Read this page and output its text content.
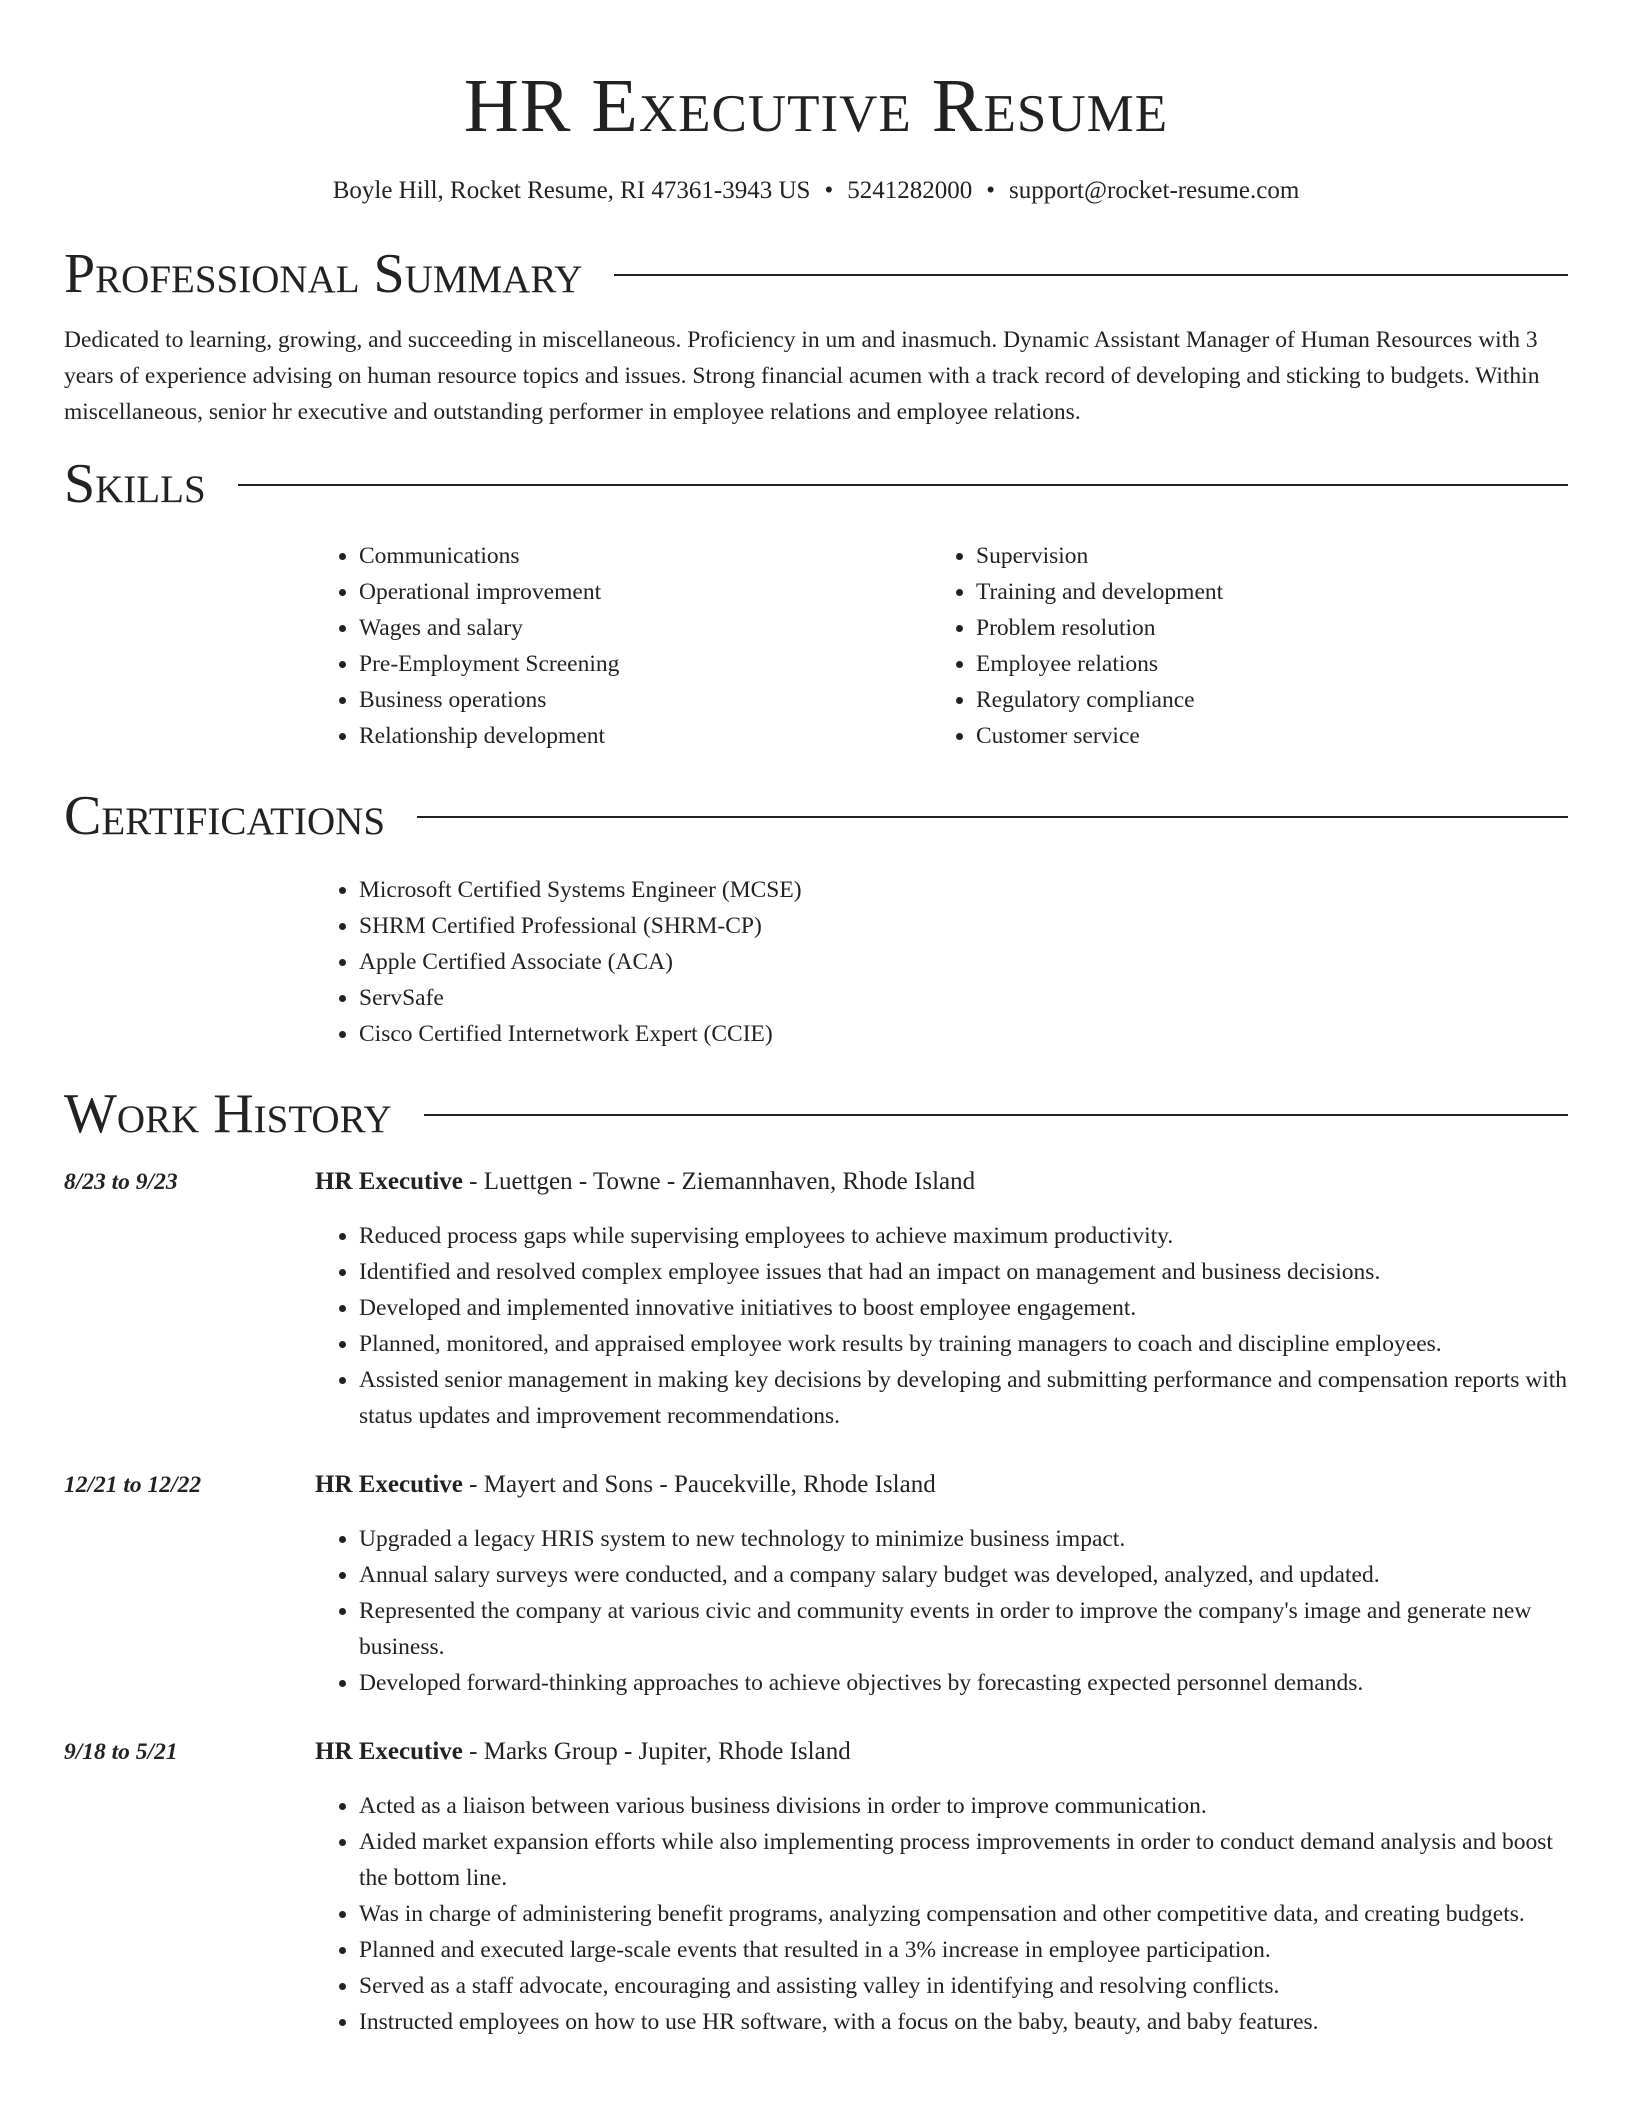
HR Executive Resume
Boyle Hill, Rocket Resume, RI 47361-3943 US • 5241282000 • support@rocket-resume.com
Professional Summary
Dedicated to learning, growing, and succeeding in miscellaneous. Proficiency in um and inasmuch. Dynamic Assistant Manager of Human Resources with 3 years of experience advising on human resource topics and issues. Strong financial acumen with a track record of developing and sticking to budgets. Within miscellaneous, senior hr executive and outstanding performer in employee relations and employee relations.
Skills
• Communications
• Operational improvement
• Wages and salary
• Pre-Employment Screening
• Business operations
• Relationship development
• Supervision
• Training and development
• Problem resolution
• Employee relations
• Regulatory compliance
• Customer service
Certifications
• Microsoft Certified Systems Engineer (MCSE)
• SHRM Certified Professional (SHRM-CP)
• Apple Certified Associate (ACA)
• ServSafe
• Cisco Certified Internetwork Expert (CCIE)
Work History
8/23 to 9/23	HR Executive - Luettgen - Towne - Ziemannhaven, Rhode Island
• Reduced process gaps while supervising employees to achieve maximum productivity.
• Identified and resolved complex employee issues that had an impact on management and business decisions.
• Developed and implemented innovative initiatives to boost employee engagement.
• Planned, monitored, and appraised employee work results by training managers to coach and discipline employees.
• Assisted senior management in making key decisions by developing and submitting performance and compensation reports with status updates and improvement recommendations.
12/21 to 12/22	HR Executive - Mayert and Sons - Paucekville, Rhode Island
• Upgraded a legacy HRIS system to new technology to minimize business impact.
• Annual salary surveys were conducted, and a company salary budget was developed, analyzed, and updated.
• Represented the company at various civic and community events in order to improve the company's image and generate new business.
• Developed forward-thinking approaches to achieve objectives by forecasting expected personnel demands.
9/18 to 5/21	HR Executive - Marks Group - Jupiter, Rhode Island
• Acted as a liaison between various business divisions in order to improve communication.
• Aided market expansion efforts while also implementing process improvements in order to conduct demand analysis and boost the bottom line.
• Was in charge of administering benefit programs, analyzing compensation and other competitive data, and creating budgets.
• Planned and executed large-scale events that resulted in a 3% increase in employee participation.
• Served as a staff advocate, encouraging and assisting valley in identifying and resolving conflicts.
• Instructed employees on how to use HR software, with a focus on the baby, beauty, and baby features.
